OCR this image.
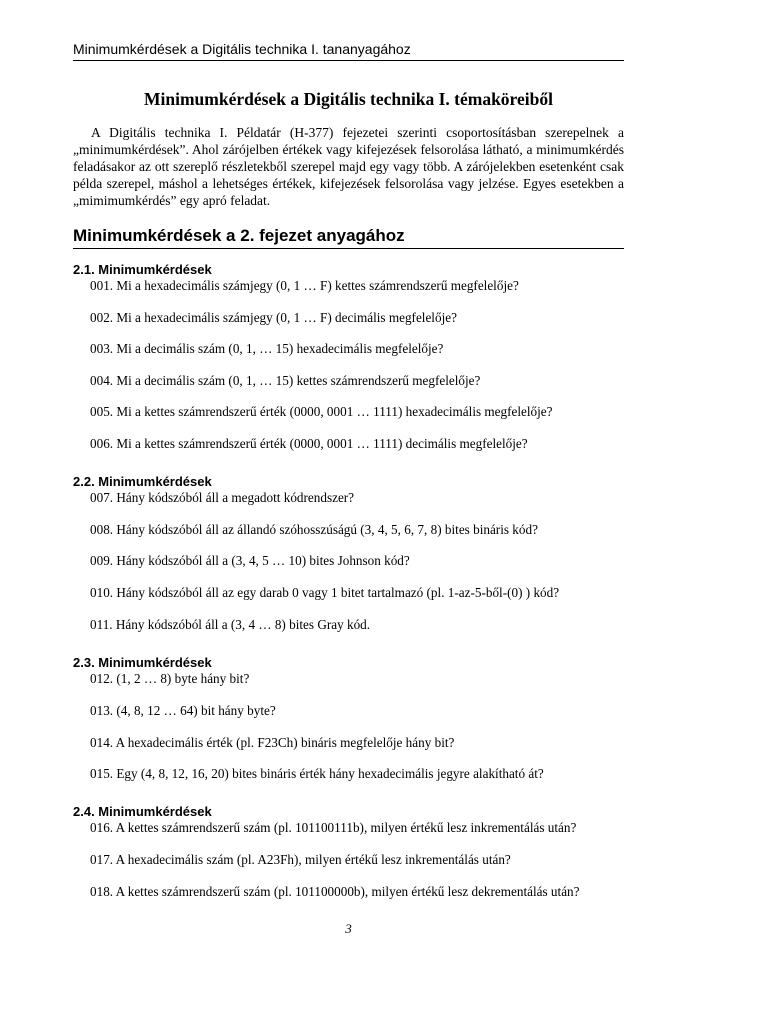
Minimumkérdések a Digitális technika I. tananyagához
Minimumkérdések a Digitális technika I. témaköreiből

A Digitális technika I. Példatár (H-377) fejezetei szerinti csoportosításban szerepelnek a „minimumkérdések”. Ahol zárójelben értékek vagy kifejezések felsorolása látható, a minimumkérdés feladásakor az ott szereplő részletekből szerepel majd egy vagy több. A zárójelekben esetenként csak példa szerepel, máshol a lehetséges értékek, kifejezések felsorolása vagy jelzése. Egyes esetekben a „mimimumkérdés” egy apró feladat.

Minimumkérdések a 2. fejezet anyagához
2.1. Minimumkérdések
001. Mi a hexadecimális számjegy (0, 1 … F) kettes számrendszerű megfelelője?
002. Mi a hexadecimális számjegy (0, 1 … F) decimális megfelelője?
003. Mi a decimális szám (0, 1, … 15) hexadecimális megfelelője?
004. Mi a decimális szám (0, 1, … 15) kettes számrendszerű megfelelője?
005. Mi a kettes számrendszerű érték (0000, 0001 … 1111) hexadecimális megfelelője?
006. Mi a kettes számrendszerű érték (0000, 0001 … 1111) decimális megfelelője?
2.2. Minimumkérdések
007. Hány kódszóból áll a megadott kódrendszer?
008. Hány kódszóból áll az állandó szóhosszúságú (3, 4, 5, 6, 7, 8) bites bináris kód?
009. Hány kódszóból áll a (3, 4, 5 … 10) bites Johnson kód?
010. Hány kódszóból áll az egy darab 0 vagy 1 bitet tartalmazó (pl. 1-az-5-ből-(0) ) kód?
011. Hány kódszóból áll a (3, 4 … 8) bites Gray kód.
2.3. Minimumkérdések
012. (1, 2 … 8) byte hány bit?
013. (4, 8, 12 … 64) bit hány byte?
014. A hexadecimális érték (pl. F23Ch) bináris megfelelője hány bit?
015. Egy (4, 8, 12, 16, 20) bites bináris érték hány hexadecimális jegyre alakítható át?
2.4. Minimumkérdések
016. A kettes számrendszerű szám (pl. 101100111b), milyen értékű lesz inkrementálás után?
017. A hexadecimális szám (pl. A23Fh), milyen értékű lesz inkrementálás után?
018. A kettes számrendszerű szám (pl. 101100000b), milyen értékű lesz dekrementálás után?
3
